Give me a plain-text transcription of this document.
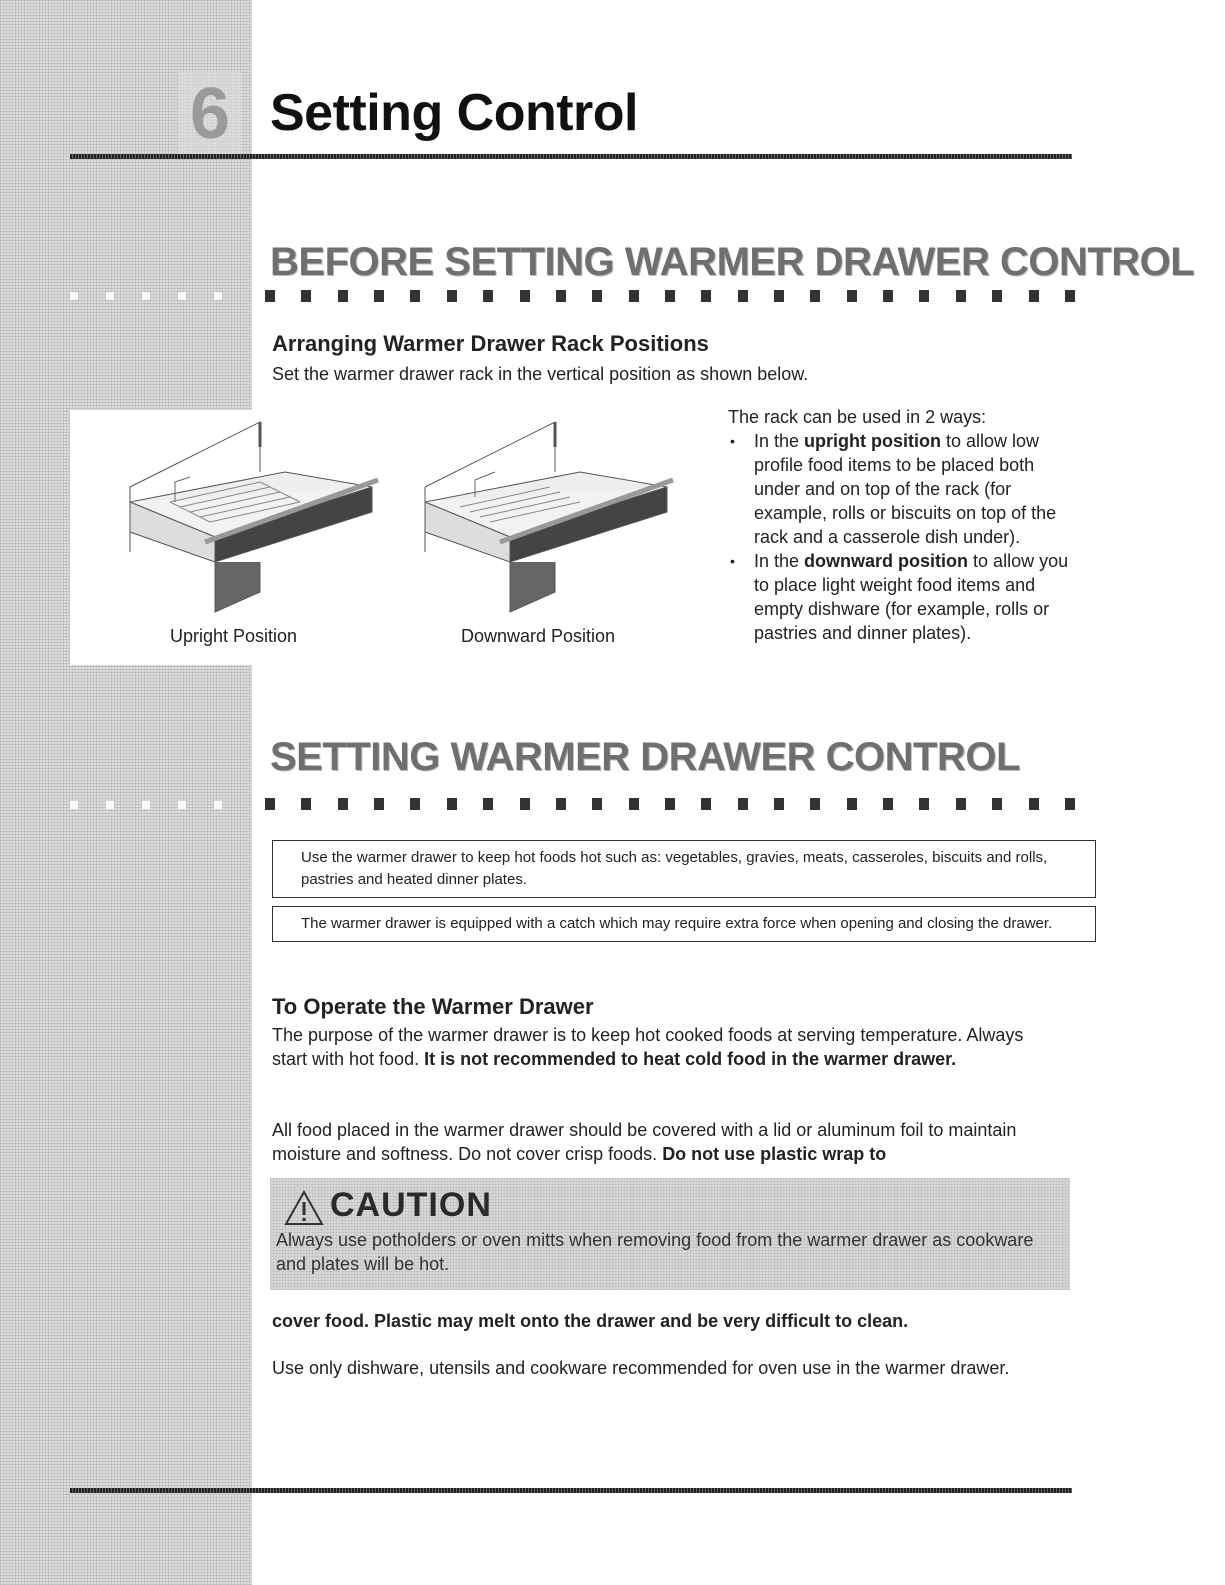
6 Setting Control
BEFORE SETTING WARMER DRAWER CONTROL
Arranging Warmer Drawer Rack Positions

Set the warmer drawer rack in the vertical position as shown below.

Upright Position	Downward Position

The rack can be used in 2 ways:

• In the upright position to allow low profile food items to be placed both under and on top of the rack (for example, rolls or biscuits on top of the rack and a casserole dish under).
• In the downward position to allow you to place light weight food items and empty dishware (for example, rolls or pastries and dinner plates).
SETTING WARMER DRAWER CONTROL
Use the warmer drawer to keep hot foods hot such as: vegetables, gravies, meats, casseroles, biscuits and rolls, pastries and heated dinner plates.
The warmer drawer is equipped with a catch which may require extra force when opening and closing the drawer.
To Operate the Warmer Drawer

The purpose of the warmer drawer is to keep hot cooked foods at serving temperature. Always start with hot food. It is not recommended to heat cold food in the warmer drawer.

All food placed in the warmer drawer should be covered with a lid or aluminum foil to maintain moisture and softness. Do not cover crisp foods. Do not use plastic wrap to

CAUTION
Always use potholders or oven mitts when removing food from the warmer drawer as cookware and plates will be hot.

cover food. Plastic may melt onto the drawer and be very difficult to clean.

Use only dishware, utensils and cookware recommended for oven use in the warmer drawer.
